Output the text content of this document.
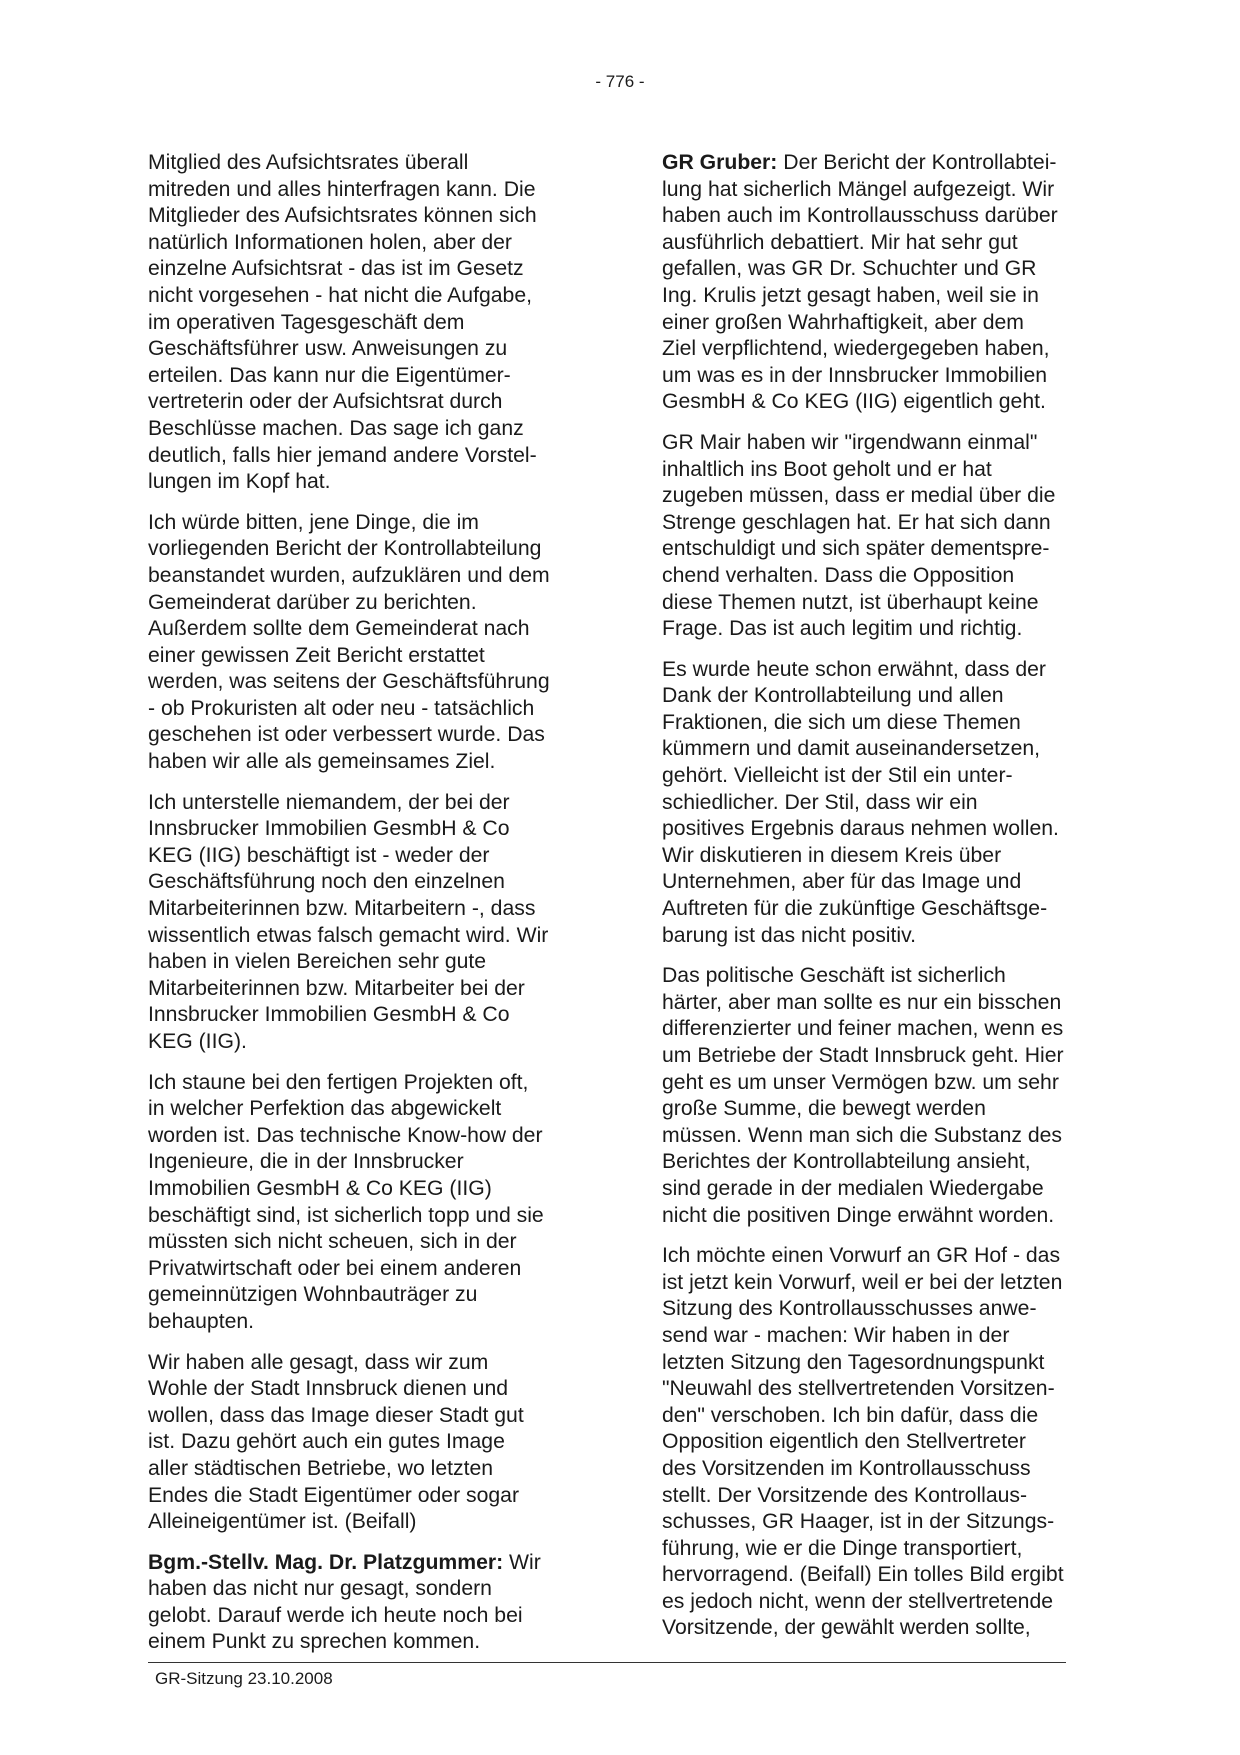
- 776 -
Mitglied des Aufsichtsrates überall
mitreden und alles hinterfragen kann. Die
Mitglieder des Aufsichtsrates können sich
natürlich Informationen holen, aber der
einzelne Aufsichtsrat - das ist im Gesetz
nicht vorgesehen - hat nicht die Aufgabe,
im operativen Tagesgeschäft dem
Geschäftsführer usw. Anweisungen zu
erteilen. Das kann nur die Eigentümer-
vertreterin oder der Aufsichtsrat durch
Beschlüsse machen. Das sage ich ganz
deutlich, falls hier jemand andere Vorstel-
lungen im Kopf hat.
Ich würde bitten, jene Dinge, die im
vorliegenden Bericht der Kontrollabteilung
beanstandet wurden, aufzuklären und dem
Gemeinderat darüber zu berichten.
Außerdem sollte dem Gemeinderat nach
einer gewissen Zeit Bericht erstattet
werden, was seitens der Geschäftsführung
- ob Prokuristen alt oder neu - tatsächlich
geschehen ist oder verbessert wurde. Das
haben wir alle als gemeinsames Ziel.
Ich unterstelle niemandem, der bei der
Innsbrucker Immobilien GesmbH & Co
KEG (IIG) beschäftigt ist - weder der
Geschäftsführung noch den einzelnen
Mitarbeiterinnen bzw. Mitarbeitern -, dass
wissentlich etwas falsch gemacht wird. Wir
haben in vielen Bereichen sehr gute
Mitarbeiterinnen bzw. Mitarbeiter bei der
Innsbrucker Immobilien GesmbH & Co
KEG (IIG).
Ich staune bei den fertigen Projekten oft,
in welcher Perfektion das abgewickelt
worden ist. Das technische Know-how der
Ingenieure, die in der Innsbrucker
Immobilien GesmbH & Co KEG (IIG)
beschäftigt sind, ist sicherlich topp und sie
müssten sich nicht scheuen, sich in der
Privatwirtschaft oder bei einem anderen
gemeinnützigen Wohnbauträger zu
behaupten.
Wir haben alle gesagt, dass wir zum
Wohle der Stadt Innsbruck dienen und
wollen, dass das Image dieser Stadt gut
ist. Dazu gehört auch ein gutes Image
aller städtischen Betriebe, wo letzten
Endes die Stadt Eigentümer oder sogar
Alleineigentümer ist. (Beifall)
Bgm.-Stellv. Mag. Dr. Platzgummer: Wir
haben das nicht nur gesagt, sondern
gelobt. Darauf werde ich heute noch bei
einem Punkt zu sprechen kommen.
GR Gruber: Der Bericht der Kontrollabtei-
lung hat sicherlich Mängel aufgezeigt. Wir
haben auch im Kontrollausschuss darüber
ausführlich debattiert. Mir hat sehr gut
gefallen, was GR Dr. Schuchter und GR
Ing. Krulis jetzt gesagt haben, weil sie in
einer großen Wahrhaftigkeit, aber dem
Ziel verpflichtend, wiedergegeben haben,
um was es in der Innsbrucker Immobilien
GesmbH & Co KEG (IIG) eigentlich geht.
GR Mair haben wir "irgendwann einmal"
inhaltlich ins Boot geholt und er hat
zugeben müssen, dass er medial über die
Strenge geschlagen hat. Er hat sich dann
entschuldigt und sich später dementspre-
chend verhalten. Dass die Opposition
diese Themen nutzt, ist überhaupt keine
Frage. Das ist auch legitim und richtig.
Es wurde heute schon erwähnt, dass der
Dank der Kontrollabteilung und allen
Fraktionen, die sich um diese Themen
kümmern und damit auseinandersetzen,
gehört. Vielleicht ist der Stil ein unter-
schiedlicher. Der Stil, dass wir ein
positives Ergebnis daraus nehmen wollen.
Wir diskutieren in diesem Kreis über
Unternehmen, aber für das Image und
Auftreten für die zukünftige Geschäftsge-
barung ist das nicht positiv.
Das politische Geschäft ist sicherlich
härter, aber man sollte es nur ein bisschen
differenzierter und feiner machen, wenn es
um Betriebe der Stadt Innsbruck geht. Hier
geht es um unser Vermögen bzw. um sehr
große Summe, die bewegt werden
müssen. Wenn man sich die Substanz des
Berichtes der Kontrollabteilung ansieht,
sind gerade in der medialen Wiedergabe
nicht die positiven Dinge erwähnt worden.
Ich möchte einen Vorwurf an GR Hof - das
ist jetzt kein Vorwurf, weil er bei der letzten
Sitzung des Kontrollausschusses anwe-
send war - machen: Wir haben in der
letzten Sitzung den Tagesordnungspunkt
"Neuwahl des stellvertretenden Vorsitzen-
den" verschoben. Ich bin dafür, dass die
Opposition eigentlich den Stellvertreter
des Vorsitzenden im Kontrollausschuss
stellt. Der Vorsitzende des Kontrollaus-
schusses, GR Haager, ist in der Sitzungs-
führung, wie er die Dinge transportiert,
hervorragend. (Beifall) Ein tolles Bild ergibt
es jedoch nicht, wenn der stellvertretende
Vorsitzende, der gewählt werden sollte,
GR-Sitzung 23.10.2008
